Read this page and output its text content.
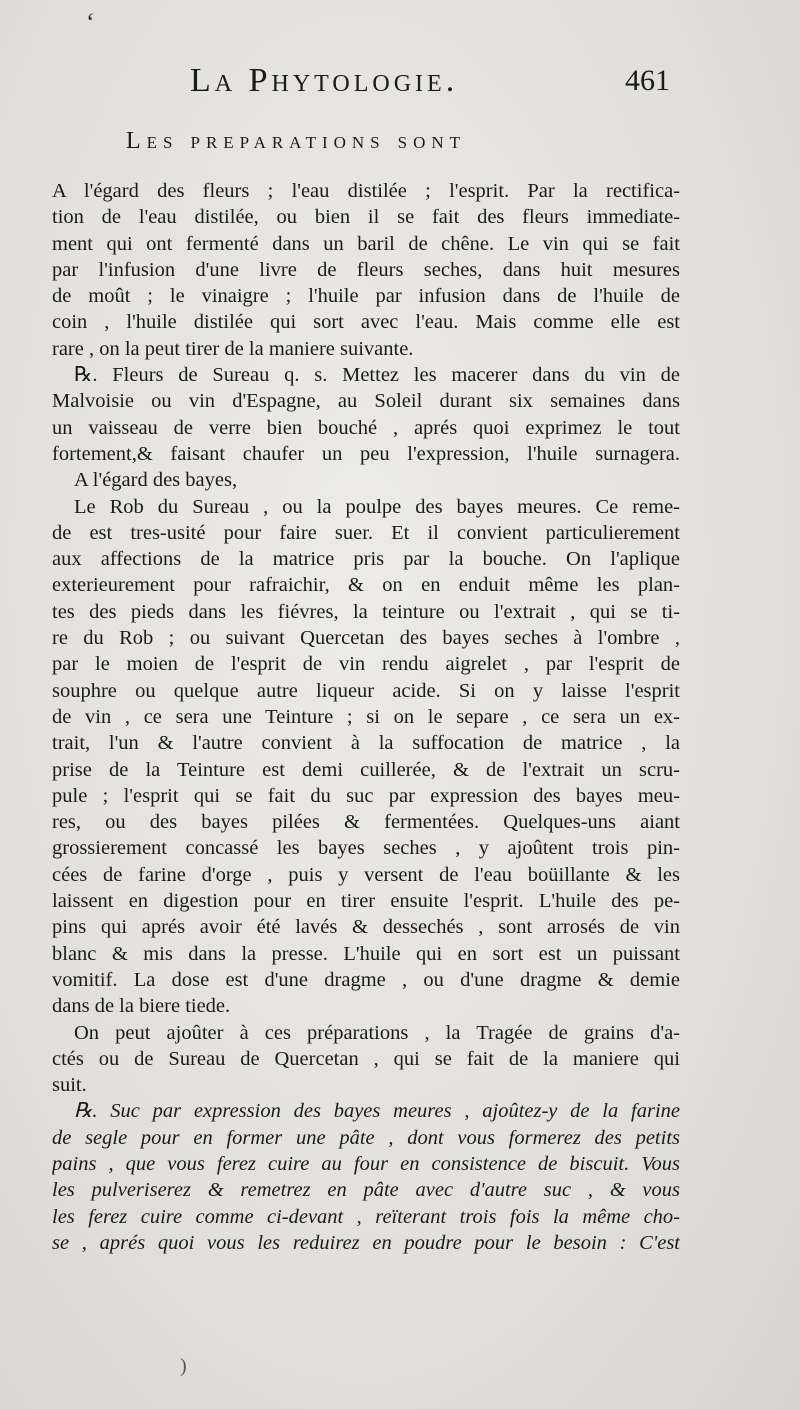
ʻ
La Phytologie.	461
Les preparations sont
A l'égard des fleurs ; l'eau distilée ; l'esprit. Par la rectifica-
tion de l'eau distilée, ou bien il se fait des fleurs immediate-
ment qui ont fermenté dans un baril de chêne. Le vin qui se fait
par l'infusion d'une livre de fleurs seches, dans huit mesures
de moût ; le vinaigre ; l'huile par infusion dans de l'huile de
coin , l'huile distilée qui sort avec l'eau. Mais comme elle est
rare , on la peut tirer de la maniere suivante.
℞. Fleurs de Sureau q. s. Mettez les macerer dans du vin de
Malvoisie ou vin d'Espagne, au Soleil durant six semaines dans
un vaisseau de verre bien bouché , aprés quoi exprimez le tout
fortement,& faisant chaufer un peu l'expression, l'huile surnagera.
A l'égard des bayes,
Le Rob du Sureau , ou la poulpe des bayes meures. Ce reme-
de est tres-usité pour faire suer. Et il convient particulierement
aux affections de la matrice pris par la bouche. On l'aplique
exterieurement pour rafraichir, & on en enduit même les plan-
tes des pieds dans les fiévres, la teinture ou l'extrait , qui se ti-
re du Rob ; ou suivant Quercetan des bayes seches à l'ombre ,
par le moien de l'esprit de vin rendu aigrelet , par l'esprit de
souphre ou quelque autre liqueur acide. Si on y laisse l'esprit
de vin , ce sera une Teinture ; si on le separe , ce sera un ex-
trait, l'un & l'autre convient à la suffocation de matrice , la
prise de la Teinture est demi cuillerée, & de l'extrait un scru-
pule ; l'esprit qui se fait du suc par expression des bayes meu-
res, ou des bayes pilées & fermentées. Quelques-uns aiant
grossierement concassé les bayes seches , y ajoûtent trois pin-
cées de farine d'orge , puis y versent de l'eau boüillante & les
laissent en digestion pour en tirer ensuite l'esprit. L'huile des pe-
pins qui aprés avoir été lavés & dessechés , sont arrosés de vin
blanc & mis dans la presse. L'huile qui en sort est un puissant
vomitif. La dose est d'une dragme , ou d'une dragme & demie
dans de la biere tiede.
On peut ajoûter à ces préparations , la Tragée de grains d'a-
ctés ou de Sureau de Quercetan , qui se fait de la maniere qui
suit.
℞. Suc par expression des bayes meures , ajoûtez-y de la farine
de segle pour en former une pâte , dont vous formerez des petits
pains , que vous ferez cuire au four en consistence de biscuit. Vous
les pulveriserez & remetrez en pâte avec d'autre suc , & vous
les ferez cuire comme ci-devant , reïterant trois fois la même cho-
se , aprés quoi vous les reduirez en poudre pour le besoin : C'est
)
